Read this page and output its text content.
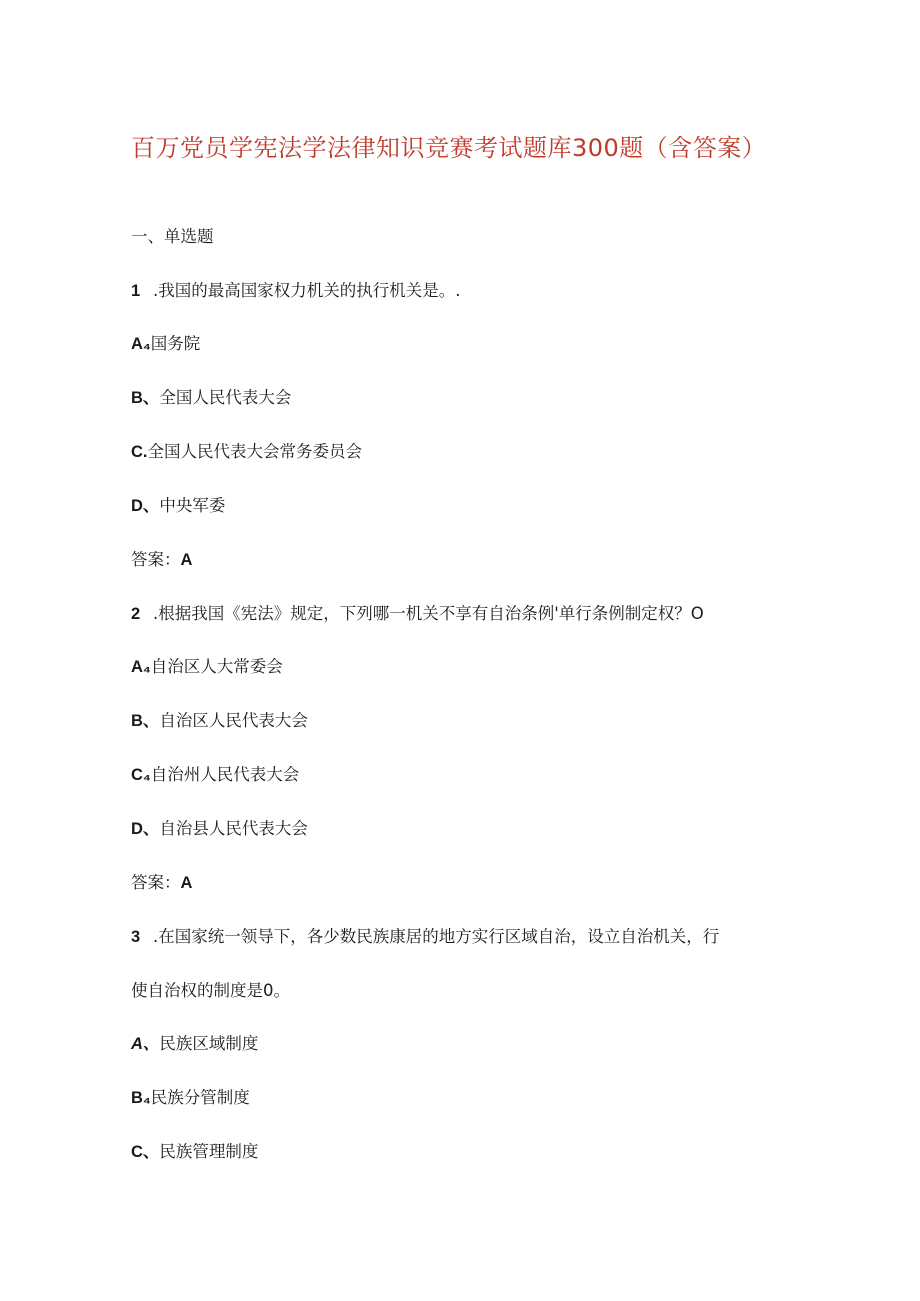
百万党员学宪法学法律知识竞赛考试题库300题（含答案）
一、单选题
1 .我国的最高国家权力机关的执行机关是。.
A₄国务院
B、全国人民代表大会
C.全国人民代表大会常务委员会
D、中央军委
答案：A
2 .根据我国《宪法》规定，下列哪一机关不享有自治条例'单行条例制定权？O
A₄自治区人大常委会
B、自治区人民代表大会
C₄自治州人民代表大会
D、自治县人民代表大会
答案：A
3 .在国家统一领导下，各少数民族康居的地方实行区域自治，设立自治机关，行
使自治权的制度是0。
A、民族区域制度
B₄民族分管制度
C、民族管理制度
